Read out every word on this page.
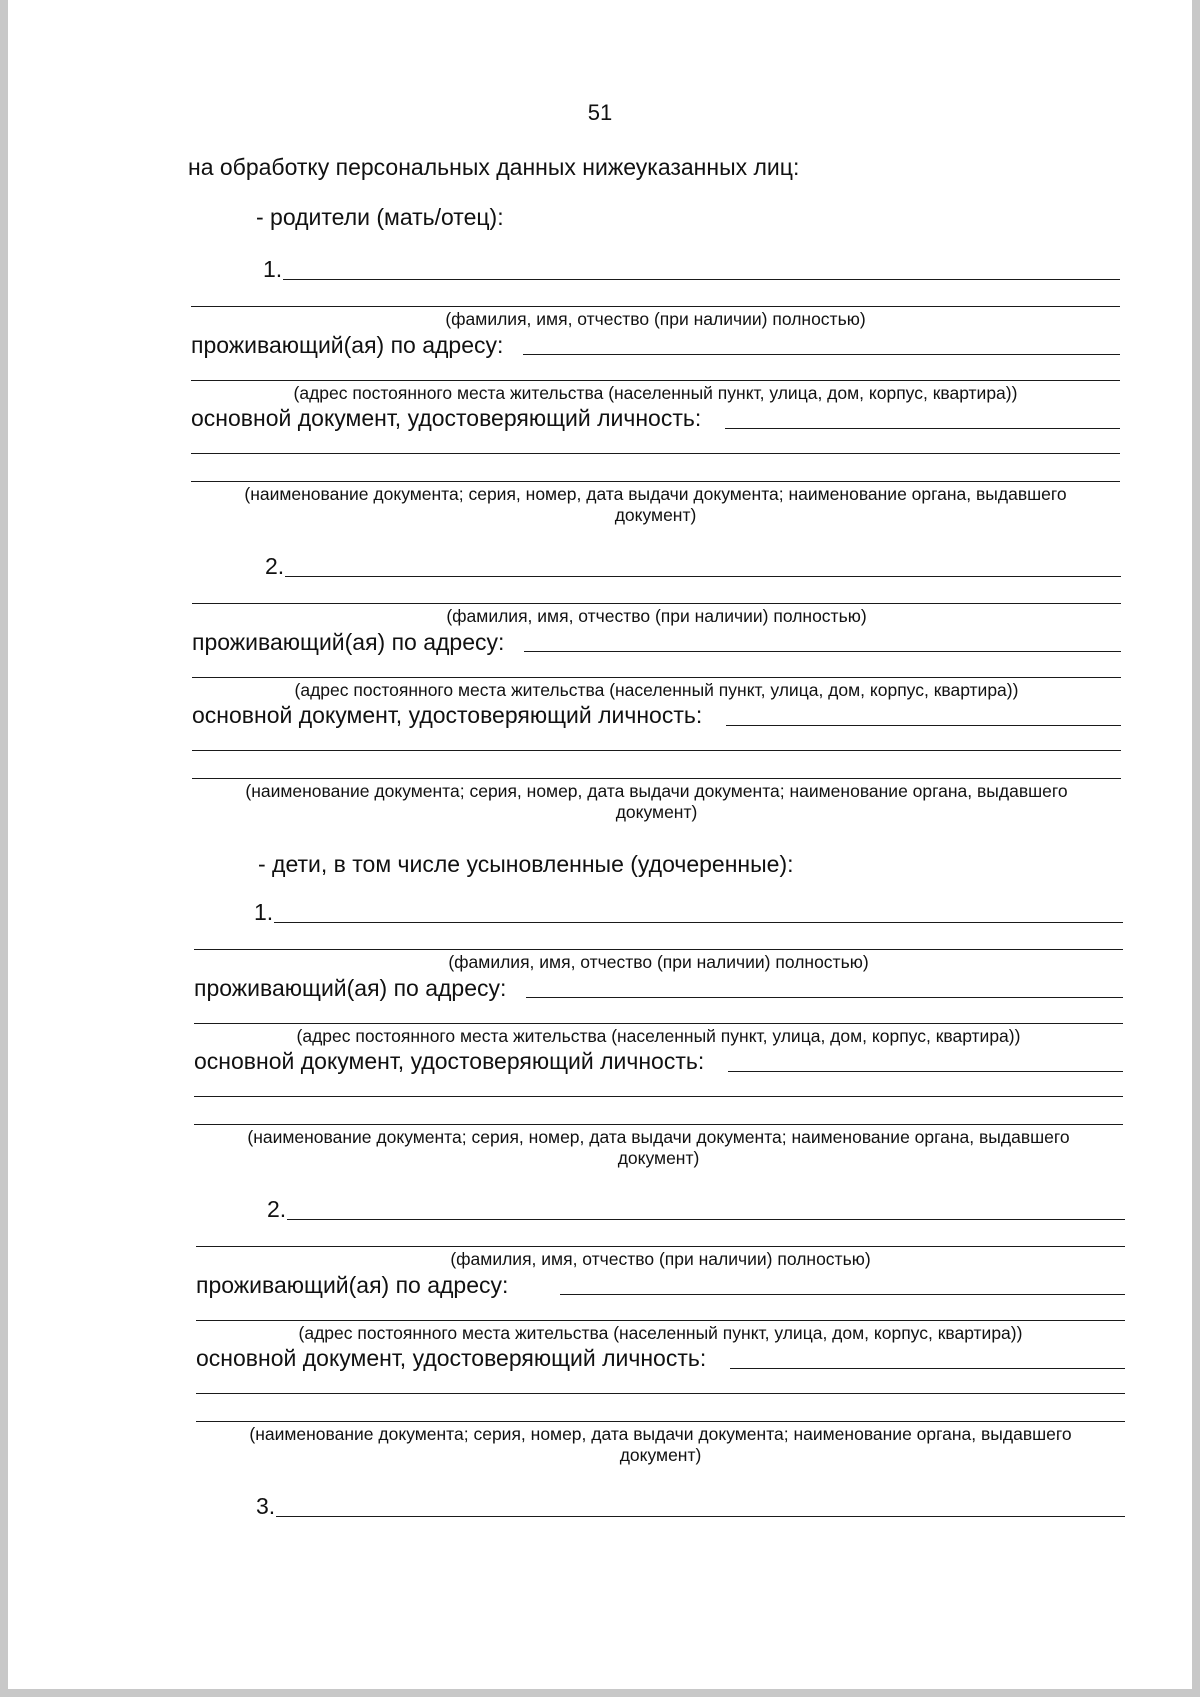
51
на обработку персональных данных нижеуказанных лиц:
- родители (мать/отец):
1.
(фамилия, имя, отчество (при наличии) полностью)
проживающий(ая) по адресу:
(адрес постоянного места жительства (населенный пункт, улица, дом, корпус, квартира))
основной документ, удостоверяющий личность:
(наименование документа; серия, номер, дата выдачи документа; наименование органа, выдавшего
документ)
2.
(фамилия, имя, отчество (при наличии) полностью)
проживающий(ая) по адресу:
(адрес постоянного места жительства (населенный пункт, улица, дом, корпус, квартира))
основной документ, удостоверяющий личность:
(наименование документа; серия, номер, дата выдачи документа; наименование органа, выдавшего
документ)
- дети, в том числе усыновленные (удочеренные):
1.
(фамилия, имя, отчество (при наличии) полностью)
проживающий(ая) по адресу:
(адрес постоянного места жительства (населенный пункт, улица, дом, корпус, квартира))
основной документ, удостоверяющий личность:
(наименование документа; серия, номер, дата выдачи документа; наименование органа, выдавшего
документ)
2.
(фамилия, имя, отчество (при наличии) полностью)
проживающий(ая) по адресу:
(адрес постоянного места жительства (населенный пункт, улица, дом, корпус, квартира))
основной документ, удостоверяющий личность:
(наименование документа; серия, номер, дата выдачи документа; наименование органа, выдавшего
документ)
3.
